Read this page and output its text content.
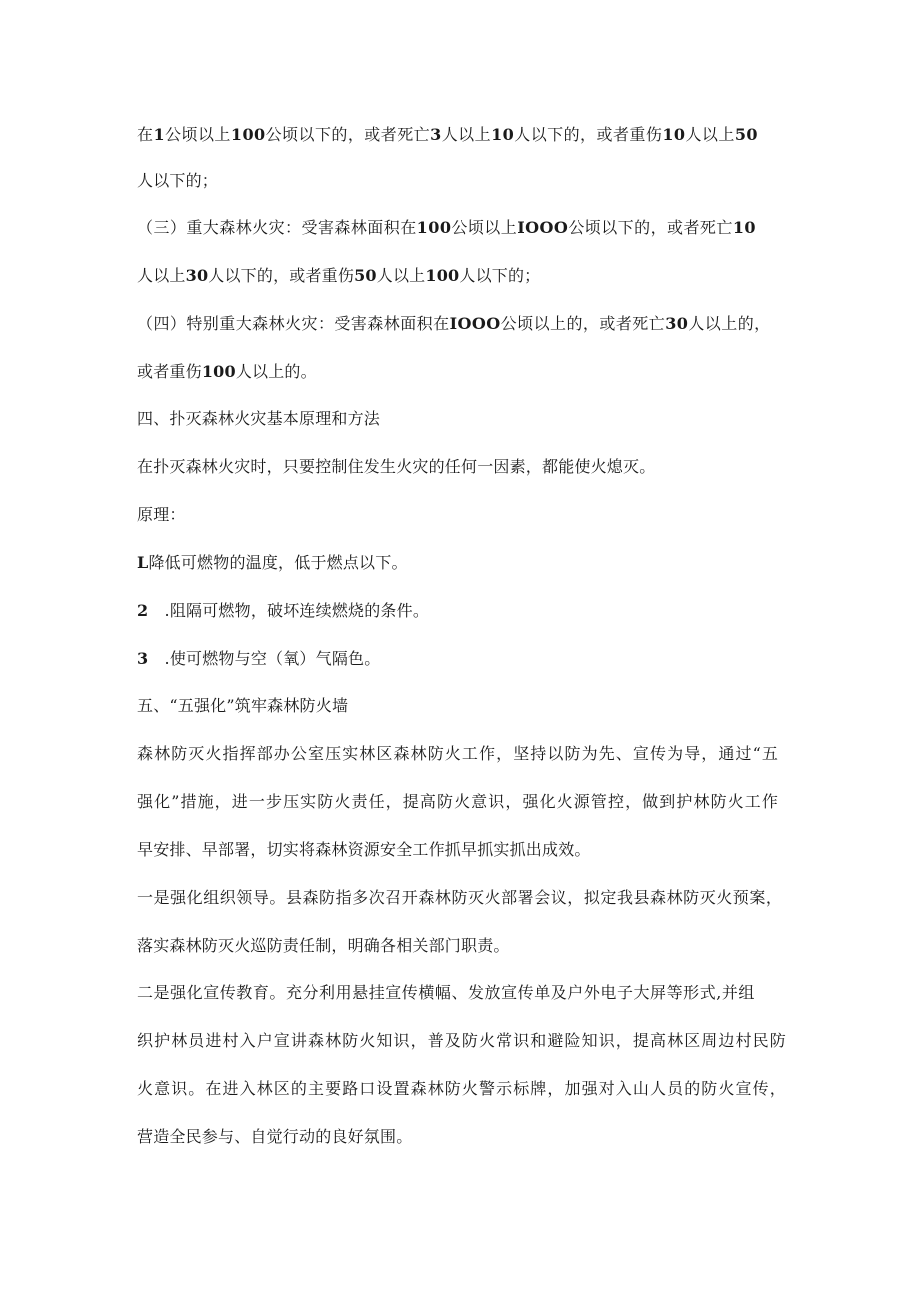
在1公顷以上100公顷以下的，或者死亡3人以上10人以下的，或者重伤10人以上50
人以下的；
（三）重大森林火灾：受害森林面积在100公顷以上IOOO公顷以下的，或者死亡10
人以上30人以下的，或者重伤50人以上100人以下的；
（四）特别重大森林火灾：受害森林面积在IOOO公顷以上的，或者死亡30人以上的，
或者重伤100人以上的。
四、扑灭森林火灾基本原理和方法
在扑灭森林火灾时，只要控制住发生火灾的任何一因素，都能使火熄灭。
原理：
L降低可燃物的温度，低于燃点以下。
2　.阻隔可燃物，破坏连续燃烧的条件。
3　.使可燃物与空（氧）气隔色。
五、“五强化”筑牢森林防火墙
森林防灭火指挥部办公室压实林区森林防火工作，坚持以防为先、宣传为导，通过“五
强化”措施，进一步压实防火责任，提高防火意识，强化火源管控，做到护林防火工作
早安排、早部署，切实将森林资源安全工作抓早抓实抓出成效。
一是强化组织领导。县森防指多次召开森林防灭火部署会议，拟定我县森林防灭火预案，
落实森林防灭火巡防责任制，明确各相关部门职责。
二是强化宣传教育。充分利用悬挂宣传横幅、发放宣传单及户外电子大屏等形式,并组
织护林员进村入户宣讲森林防火知识，普及防火常识和避险知识，提高林区周边村民防
火意识。在进入林区的主要路口设置森林防火警示标牌，加强对入山人员的防火宣传，
营造全民参与、自觉行动的良好氛围。
